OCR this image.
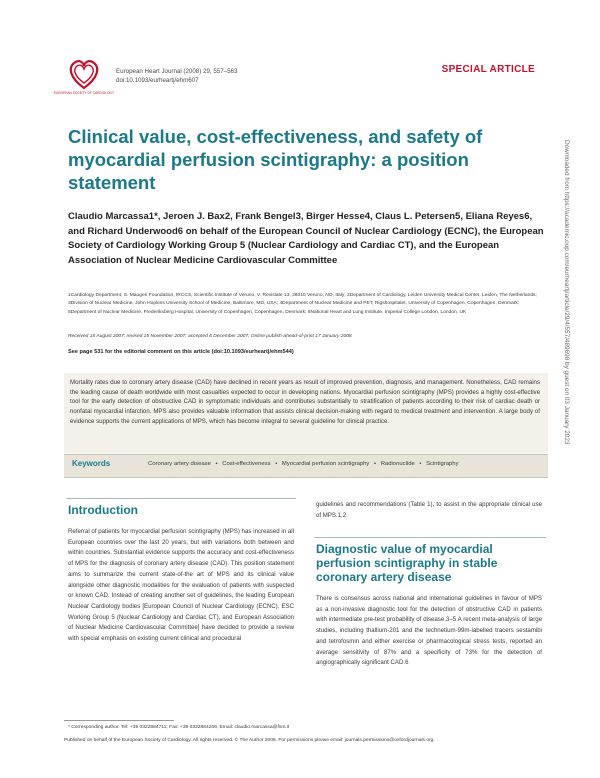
EUROPEAN SOCIETY OF CARDIOLOGY
European Heart Journal (2008) 29, 557–563
doi:10.1093/eurheartj/ehm607
SPECIAL ARTICLE
Clinical value, cost-effectiveness, and safety of myocardial perfusion scintigraphy: a position statement
Claudio Marcassa1*, Jeroen J. Bax2, Frank Bengel3, Birger Hesse4, Claus L. Petersen5, Eliana Reyes6, and Richard Underwood6 on behalf of the European Council of Nuclear Cardiology (ECNC), the European Society of Cardiology Working Group 5 (Nuclear Cardiology and Cardiac CT), and the European Association of Nuclear Medicine Cardiovascular Committee
1Cardiology Department, S. Maugeri Foundation, IRCCS, Scientific Institute of Veruno, V. Revislate 13, 28010 Veruno, NO, Italy; 2Department of Cardiology, Leiden University Medical Center, Leiden, The Netherlands; 3Division of Nuclear Medicine, John Hopkins University School of Medicine, Baltimore, MD, USA; 4Department of Nuclear Medicine and PET, Rigshospitalet, University of Copenhagen, Copenhagen, Denmark; 5Department of Nuclear Medicine, Frederiksberg Hospital, University of Copenhagen, Copenhagen, Denmark; 6National Heart and Lung Institute, Imperial College London, London, UK
Received 15 August 2007; revised 15 November 2007; accepted 6 December 2007; Online publish-ahead-of-print 17 January 2008
See page 531 for the editorial comment on this article (doi:10.1093/eurheartj/ehm544)
Mortality rates due to coronary artery disease (CAD) have declined in recent years as result of improved prevention, diagnosis, and management. Nonetheless, CAD remains the leading cause of death worldwide with most casualties expected to occur in developing nations. Myocardial perfusion scintigraphy (MPS) provides a highly cost-effective tool for the early detection of obstructive CAD in symptomatic individuals and contributes substantially to stratification of patients according to their risk of cardiac death or nonfatal myocardial infarction. MPS also provides valuable information that assists clinical decision-making with regard to medical treatment and intervention. A large body of evidence supports the current applications of MPS, which has become integral to several guideline for clinical practice.
Keywords	Coronary artery disease • Cost-effectiveness • Myocardial perfusion scintigraphy • Radionuclide • Scintigraphy
Introduction
Referral of patients for myocardial perfusion scintigraphy (MPS) has increased in all European countries over the last 20 years, but with variations both between and within countries. Substantial evidence supports the accuracy and cost-effectiveness of MPS for the diagnosis of coronary artery disease (CAD). This position statement aims to summarize the current state-of-the art of MPS and its clinical value alongside other diagnostic modalities for the evaluation of patients with suspected or known CAD. Instead of creating another set of guidelines, the leading European Nuclear Cardiology bodies [European Council of Nuclear Cardiology (ECNC), ESC Working Group 5 (Nuclear Cardiology and Cardiac CT), and European Association of Nuclear Medicine Cardiovascular Committee] have decided to provide a review with special emphasis on existing current clinical and procedural
guidelines and recommendations (Table 1), to assist in the appropriate clinical use of MPS.1,2
Diagnostic value of myocardial perfusion scintigraphy in stable coronary artery disease
There is consensus across national and international guidelines in favour of MPS as a non-invasive diagnostic tool for the detection of obstructive CAD in patients with intermediate pre-test probability of disease.3–5 A recent meta-analysis of large studies, including thallium-201 and the technetium-99m-labelled tracers sestamibi and tetrofosmin and either exercise or pharmacological stress tests, reported an average sensitivity of 87% and a specificity of 73% for the detection of angiographically significant CAD.6
* Corresponding author. Tel: +39 0322884711; Fax: +39 0322884269, Email: claudio.marcassa@fsm.it
Published on behalf of the European Society of Cardiology. All rights reserved. © The Author 2008. For permissions please email: journals.permissions@oxfordjournals.org.
Downloaded from https://academic.oup.com/eurheartj/article/29/4/557/489698 by guest on 03 January 2023
